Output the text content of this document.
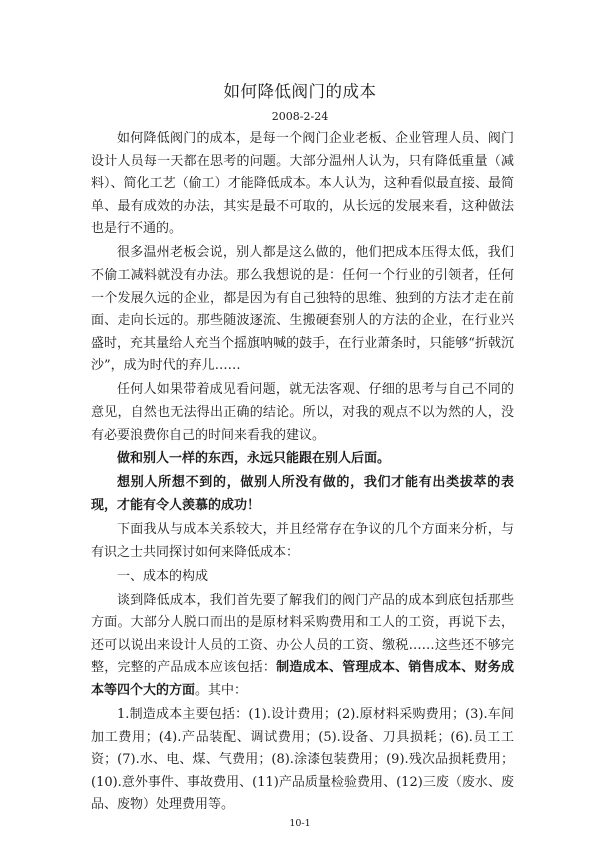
如何降低阀门的成本
2008-2-24

如何降低阀门的成本，是每一个阀门企业老板、企业管理人员、阀门设计人员每一天都在思考的问题。大部分温州人认为，只有降低重量（减料）、简化工艺（偷工）才能降低成本。本人认为，这种看似最直接、最简单、最有成效的办法，其实是最不可取的，从长远的发展来看，这种做法也是行不通的。

很多温州老板会说，别人都是这么做的，他们把成本压得太低，我们不偷工减料就没有办法。那么我想说的是：任何一个行业的引领者，任何一个发展久远的企业，都是因为有自己独特的思维、独到的方法才走在前面、走向长远的。那些随波逐流、生搬硬套别人的方法的企业，在行业兴盛时，充其量给人充当个摇旗呐喊的鼓手，在行业萧条时，只能够“折戟沉沙”，成为时代的弃儿……

任何人如果带着成见看问题，就无法客观、仔细的思考与自己不同的意见，自然也无法得出正确的结论。所以，对我的观点不以为然的人，没有必要浪费你自己的时间来看我的建议。

做和别人一样的东西，永远只能跟在别人后面。

想别人所想不到的，做别人所没有做的，我们才能有出类拔萃的表现，才能有令人羡慕的成功！

下面我从与成本关系较大，并且经常存在争议的几个方面来分析，与有识之士共同探讨如何来降低成本：

一、成本的构成

谈到降低成本，我们首先要了解我们的阀门产品的成本到底包括那些方面。大部分人脱口而出的是原材料采购费用和工人的工资，再说下去，还可以说出来设计人员的工资、办公人员的工资、缴税……这些还不够完整，完整的产品成本应该包括：制造成本、管理成本、销售成本、财务成本等四个大的方面。其中：

1.制造成本主要包括：(1).设计费用；(2).原材料采购费用；(3).车间加工费用；(4).产品装配、调试费用；(5).设备、刀具损耗；(6).员工工资；(7).水、电、煤、气费用；(8).涂漆包装费用；(9).残次品损耗费用；(10).意外事件、事故费用、(11)产品质量检验费用、(12)三废（废水、废品、废物）处理费用等。

10-1
